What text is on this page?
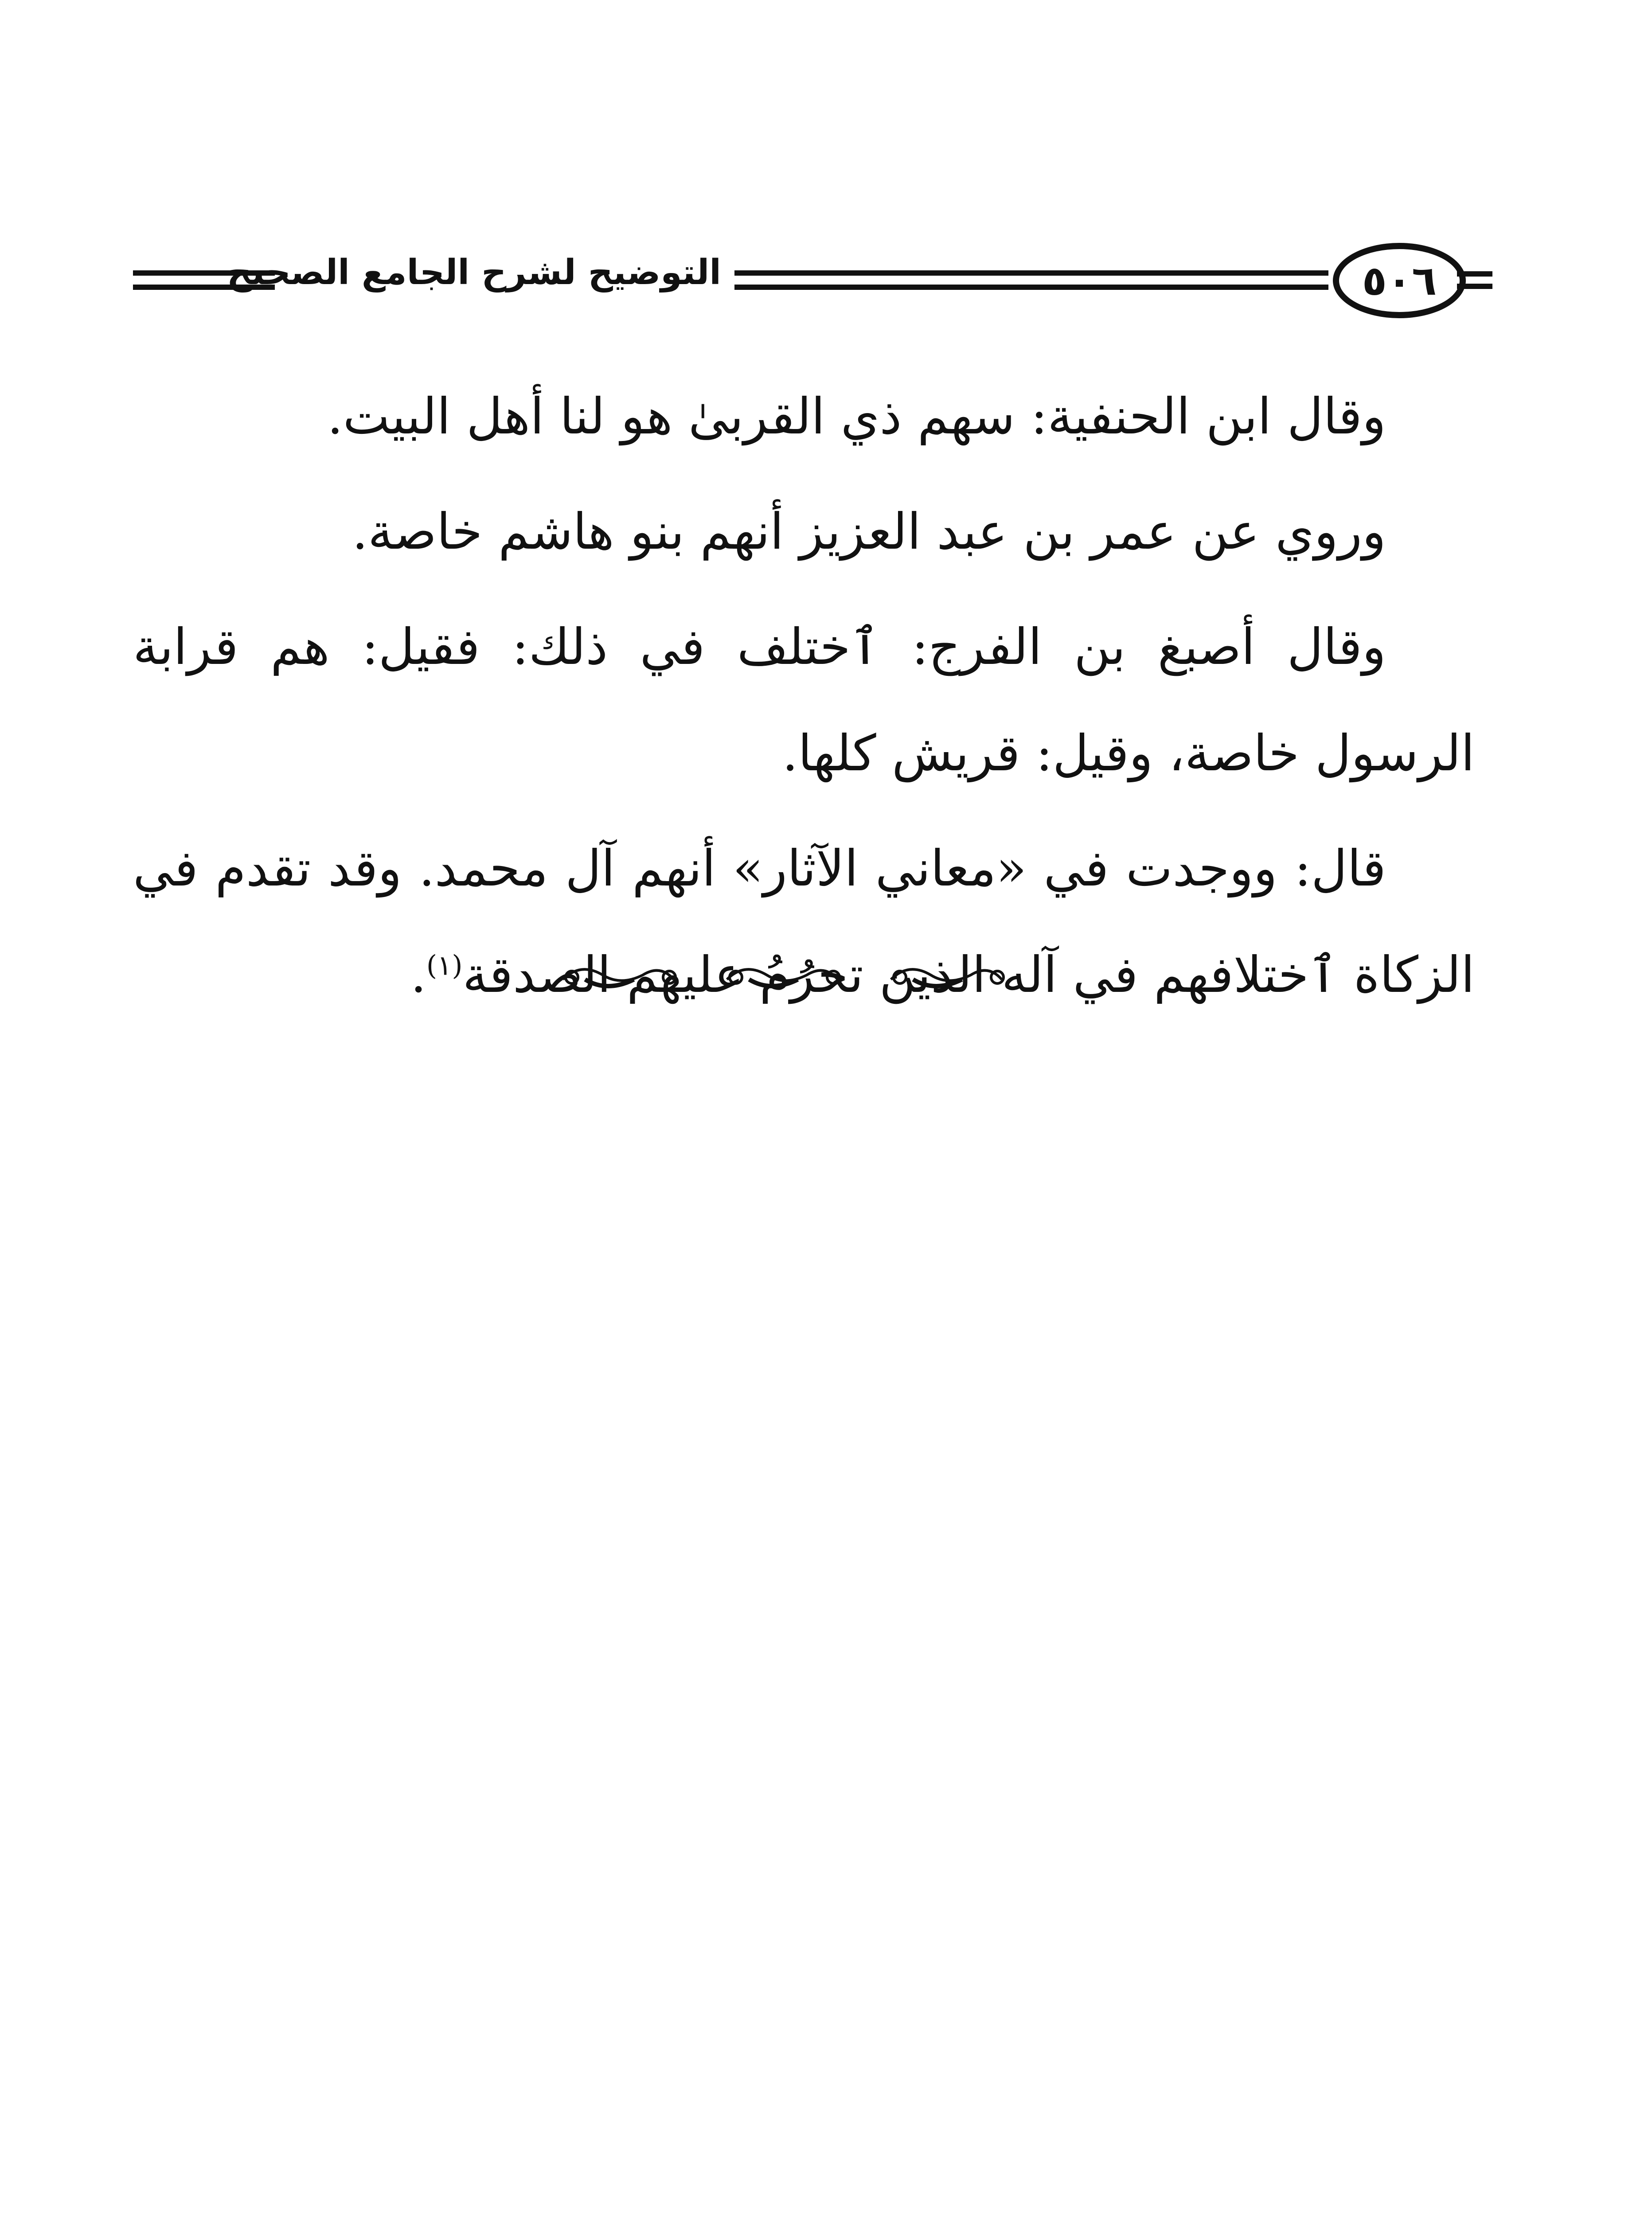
٥٠٦
التوضيح لشرح الجامع الصحيح

وقال ابن الحنفية: سهم ذي القربىٰ هو لنا أهل البيت.

وروي عن عمر بن عبد العزيز أنهم بنو هاشم خاصة.

وقال أصبغ بن الفرج: ٱختلف في ذلك: فقيل: هم قرابة الرسول خاصة، وقيل: قريش كلها.

قال: ووجدت في «معاني الآثار» أنهم آل محمد. وقد تقدم في الزكاة ٱختلافهم في آله الذين تحرُمُ عليهم الصدقة$^{(١)}$.
